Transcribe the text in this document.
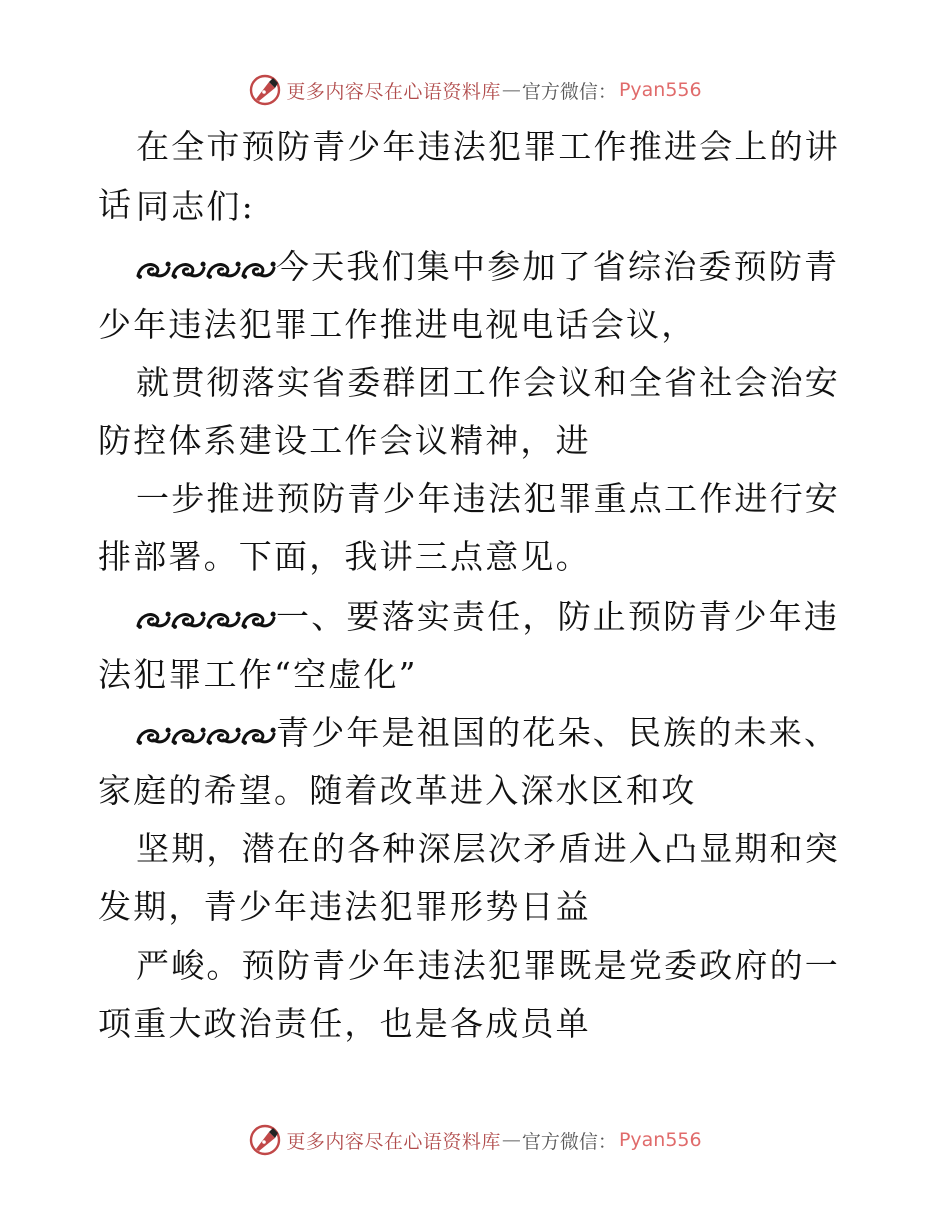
更多内容尽在心语资料库 — 官方微信 ： Pyan556
在全市预防青少年违法犯罪工作推进会上的讲话 同志们:
今天我们集中参加了省综治委预防青少年违法犯罪工作推进电视电话会议，
就贯彻落实省委群团工作会议和全省社会治安防控体系建设工作会议精神，进
一步推进预防青少年违法犯罪重点工作进行安排部署。下面，我讲三点意见。
一、要落实责任，防止预防青少年违法犯罪工作“空虚化”
青少年是祖国的花朵、民族的未来、家庭的希望。随着改革进入深水区和攻
坚期，潜在的各种深层次矛盾进入凸显期和突发期，青少年违法犯罪形势日益
严峻。预防青少年违法犯罪既是党委政府的一项重大政治责任，也是各成员单
更多内容尽在心语资料库 — 官方微信 ： Pyan556
